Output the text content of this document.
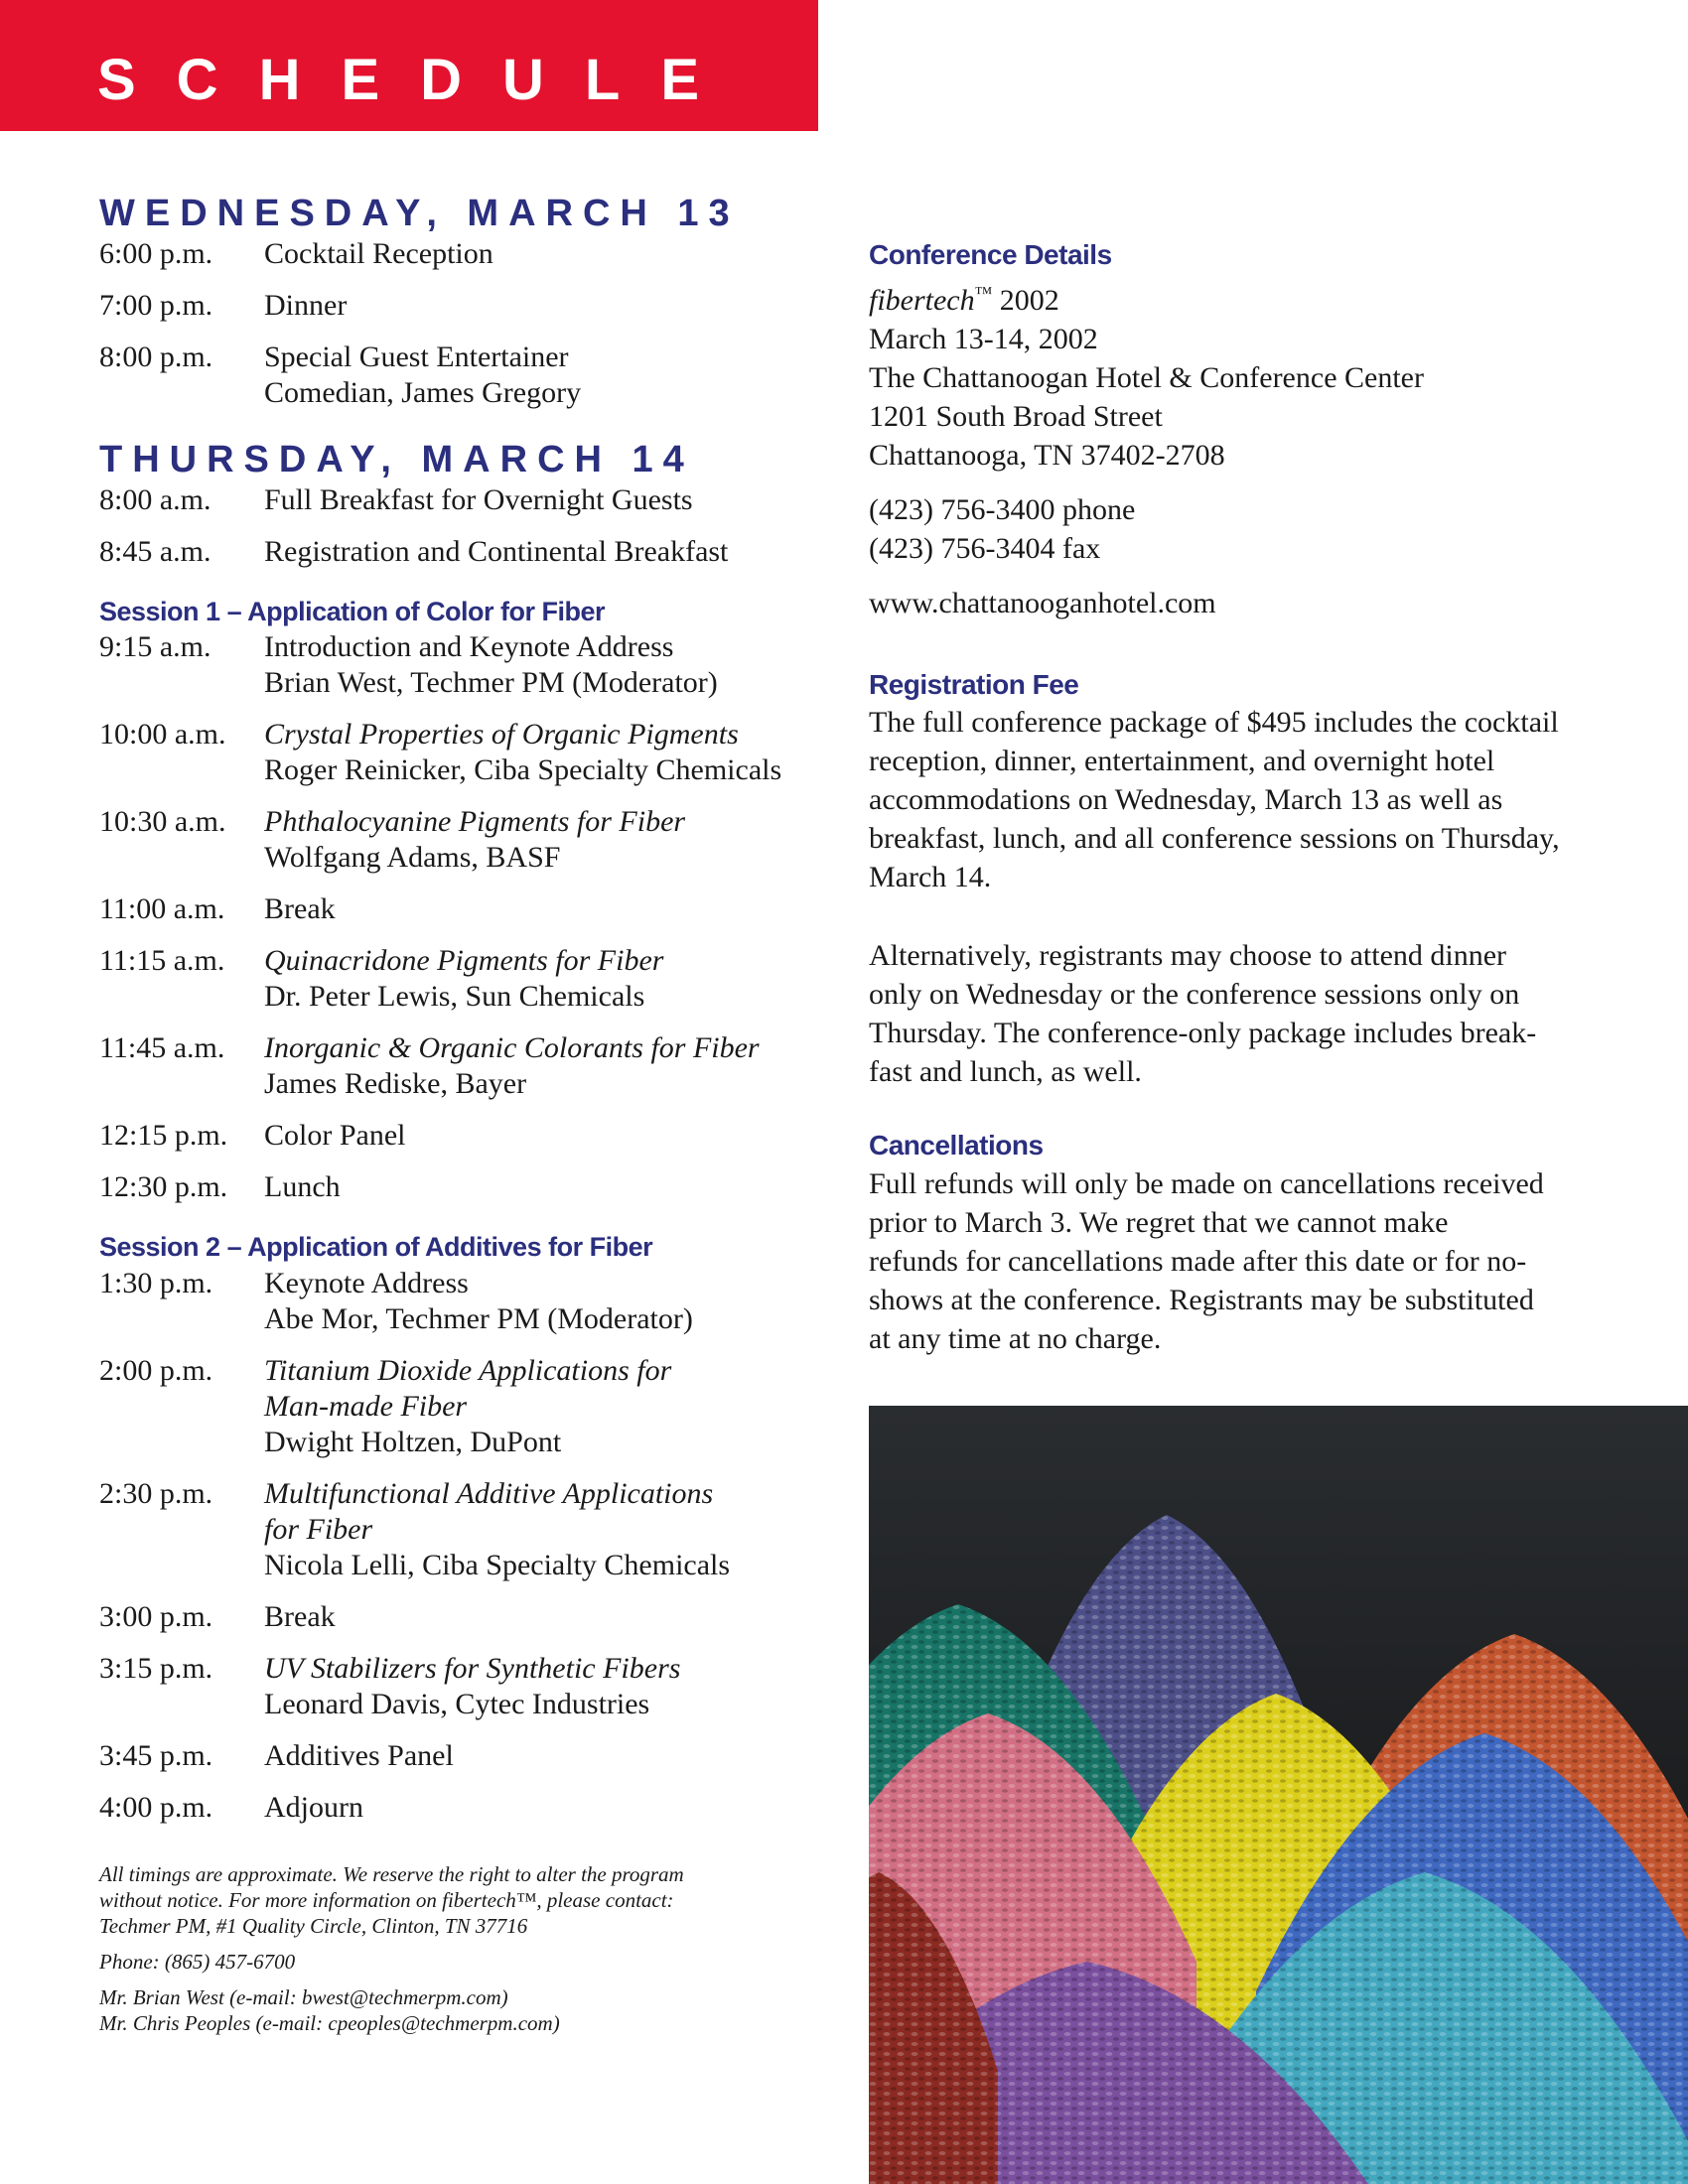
SCHEDULE
WEDNESDAY, MARCH 13
6:00 p.m.	Cocktail Reception
7:00 p.m.	Dinner
8:00 p.m.	Special Guest Entertainer
Comedian, James Gregory
THURSDAY, MARCH 14
8:00 a.m.	Full Breakfast for Overnight Guests
8:45 a.m.	Registration and Continental Breakfast
Session 1 – Application of Color for Fiber
9:15 a.m.	Introduction and Keynote Address
Brian West, Techmer PM (Moderator)
10:00 a.m.	Crystal Properties of Organic Pigments
Roger Reinicker, Ciba Specialty Chemicals
10:30 a.m.	Phthalocyanine Pigments for Fiber
Wolfgang Adams, BASF
11:00 a.m.	Break
11:15 a.m.	Quinacridone Pigments for Fiber
Dr. Peter Lewis, Sun Chemicals
11:45 a.m.	Inorganic & Organic Colorants for Fiber
James Rediske, Bayer
12:15 p.m.	Color Panel
12:30 p.m.	Lunch
Session 2 – Application of Additives for Fiber
1:30 p.m.	Keynote Address
Abe Mor, Techmer PM (Moderator)
2:00 p.m.	Titanium Dioxide Applications for
Man-made Fiber
Dwight Holtzen, DuPont
2:30 p.m.	Multifunctional Additive Applications
for Fiber
Nicola Lelli, Ciba Specialty Chemicals
3:00 p.m.	Break
3:15 p.m.	UV Stabilizers for Synthetic Fibers
Leonard Davis, Cytec Industries
3:45 p.m.	Additives Panel
4:00 p.m.	Adjourn

All timings are approximate. We reserve the right to alter the program
without notice. For more information on fibertech™, please contact:
Techmer PM, #1 Quality Circle, Clinton, TN 37716

Phone: (865) 457-6700

Mr. Brian West (e-mail: bwest@techmerpm.com)
Mr. Chris Peoples (e-mail: cpeoples@techmerpm.com)

Conference Details
fibertech™ 2002
March 13-14, 2002
The Chattanoogan Hotel & Conference Center
1201 South Broad Street
Chattanooga, TN 37402-2708
(423) 756-3400 phone
(423) 756-3404 fax
www.chattanooganhotel.com
Registration Fee
The full conference package of $495 includes the cocktail
reception, dinner, entertainment, and overnight hotel
accommodations on Wednesday, March 13 as well as
breakfast, lunch, and all conference sessions on Thursday,
March 14.
Alternatively, registrants may choose to attend dinner
only on Wednesday or the conference sessions only on
Thursday. The conference-only package includes break-
fast and lunch, as well.
Cancellations
Full refunds will only be made on cancellations received
prior to March 3. We regret that we cannot make
refunds for cancellations made after this date or for no-
shows at the conference. Registrants may be substituted
at any time at no charge.
